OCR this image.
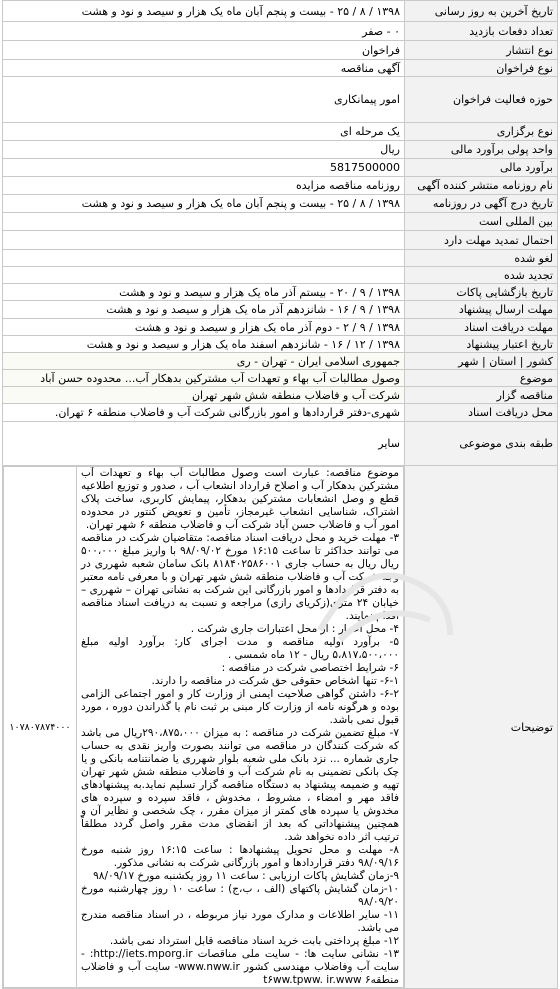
تاریخ آخرین به روز رسانی	۱۳۹۸ / ۸ / ۲۵ - بیست و پنجم آبان ماه یک هزار و سیصد و نود و هشت
تعداد دفعات بازدید	۰ - صفر
نوع انتشار	فراخوان
نوع فراخوان	آگهی مناقصه
حوزه فعالیت فراخوان	امور پیمانکاری
نوع برگزاری	یک مرحله ای
واحد پولی برآورد مالی	ریال
برآورد مالی	5817500000
نام روزنامه منتشر کننده آگهی	روزنامه مناقصه مزایده
تاریخ درج آگهی در روزنامه	۱۳۹۸ / ۸ / ۲۵ - بیست و پنجم آبان ماه یک هزار و سیصد و نود و هشت
بین المللی است	
احتمال تمدید مهلت دارد	
لغو شده	
تجدید شده	
تاریخ بازگشایی پاکات	۱۳۹۸ / ۹ / ۲۰ - بیستم آذر ماه یک هزار و سیصد و نود و هشت
مهلت ارسال پیشنهاد	۱۳۹۸ / ۹ / ۱۶ - شانزدهم آذر ماه یک هزار و سیصد و نود و هشت
مهلت دریافت اسناد	۱۳۹۸ / ۹ / ۲ - دوم آذر ماه یک هزار و سیصد و نود و هشت
تاریخ اعتبار پیشنهاد	۱۳۹۸ / ۱۲ / ۱۶ - شانزدهم اسفند ماه یک هزار و سیصد و نود و هشت
کشور | استان | شهر	جمهوری اسلامی ایران - تهران - ری
موضوع	وصول مطالبات آب بهاء و تعهدات آب مشترکین بدهکار آب... محدوده حسن آباد
مناقصه گزار	شرکت آب و فاضلاب منطقه شش شهر تهران
محل دریافت اسناد	شهری-دفتر قراردادها و امور بازرگانی شرکت آب و فاضلاب منطقه ۶ تهران.
طبقه بندی موضوعی	سایر
توضیحات	
موضوع مناقصه: عبارت است وصول مطالبات آب بهاء و تعهدات آب مشترکین بدهکار آب و اصلاح قرارداد انشعاب آب ، صدور و توزیع اطلاعیه قطع و وصل انشعابات مشترکین بدهکار، پیمایش کاربری، ساخت پلاک اشتراک، شناسایی انشعاب غیرمجاز، تأمین و تعویض کنتور در محدوده امور آب و فاضلاب حسن آباد شرکت آب و فاضلاب منطقه ۶ شهر تهران.
۳- مهلت خرید و محل دریافت اسناد مناقصه: متقاضیان شرکت در مناقصه می توانند حداکثر تا ساعت ۱۶:۱۵ مورخ ۹۸/۰۹/۰۲ با واریز مبلغ ۵۰۰،۰۰۰ ریال ریال به حساب جاری ۸۱۸۴۰۲۵۸۶۰۰۱ بانک سامان شعبه شهرری در وجه شرکت آب و فاضلاب منطقه شش شهر تهران و با معرفی نامه معتبر به دفتر قراردادها و امور بازرگانی این شرکت به نشانی تهران – شهرری – خیابان ۲۴ متری(زکریای رازی) مراجعه و نسبت به دریافت اسناد مناقصه اقدام نمایند.
۴- محل اعتبار : از محل اعتبارات جاری شرکت .
۵- برآورد اولیه مناقصه و مدت اجرای کار: برآورد اولیه مبلغ ۵،۸۱۷،۵۰۰،۰۰۰ ریال - ۱۲ ماه شمسی .
۶- شرایط اختصاصی شرکت در مناقصه :
۶-۱- تنها اشخاص حقوقی حق شرکت در مناقصه را دارند.
۶-۲- داشتن گواهی صلاحیت ایمنی از وزارت کار و امور اجتماعی الزامی بوده و هرگونه نامه از وزارت کار مبنی بر ثبت نام یا گذراندن دوره ، مورد قبول نمی باشد.
۷- مبلغ تضمین شرکت در مناقصه : به میزان ۲۹۰،۸۷۵،۰۰۰ریال می باشد که شرکت کنندگان در مناقصه می توانند بصورت واریز نقدی به حساب جاری شماره ... نزد بانک ملی شعبه بلوار شهرری یا ضمانتنامه بانکی و یا چک بانکی تضمینی به نام شرکت آب و فاضلاب منطقه شش شهر تهران تهیه و ضمیمه پیشنهاد به دستگاه مناقصه گزار تسلیم نماید.به پیشنهادهای فاقد مهر و امضاء ، مشروط ، مخدوش ، فاقد سپرده و سپرده های مخدوش یا سپرده های کمتر از میزان مقرر ، چک شخصی و نظایر آن و همچنین پیشنهاداتی که بعد از انقضای مدت مقرر واصل گردد مطلقاً ترتیب اثر داده نخواهد شد.
۸- مهلت و محل تحویل پیشنهادها : ساعت ۱۶:۱۵ روز شنبه مورخ ۹۸/۰۹/۱۶ دفتر قراردادها و امور بازرگانی شرکت به نشانی مذکور.
۹-زمان گشایش پاکات ارزیابی : ساعت ۱۱ روز یکشنبه مورخ ۹۸/۰۹/۱۷
۱۰-زمان گشایش پاکتهای (الف ، ب،ج) : ساعت ۱۰ روز چهارشنبه مورخ ۹۸/۰۹/۲۰
۱۱- سایر اطلاعات و مدارک مورد نیاز مربوطه ، در اسناد مناقصه مندرج می باشد.
۱۲- مبلغ پرداختی بابت خرید اسناد مناقصه قابل استرداد نمی باشد.
۱۳- نشانی سایت ها: - سایت ملی مناقصات http://iets.mporg.ir: - سایت آب وفاضلاب مهندسی کشور www.nww.ir- سایت آب و فاضلاب منطقه۶ t۶ww.tpww. ir.www	۱۰۷۸۰۷۸۷۴۰۰۰
